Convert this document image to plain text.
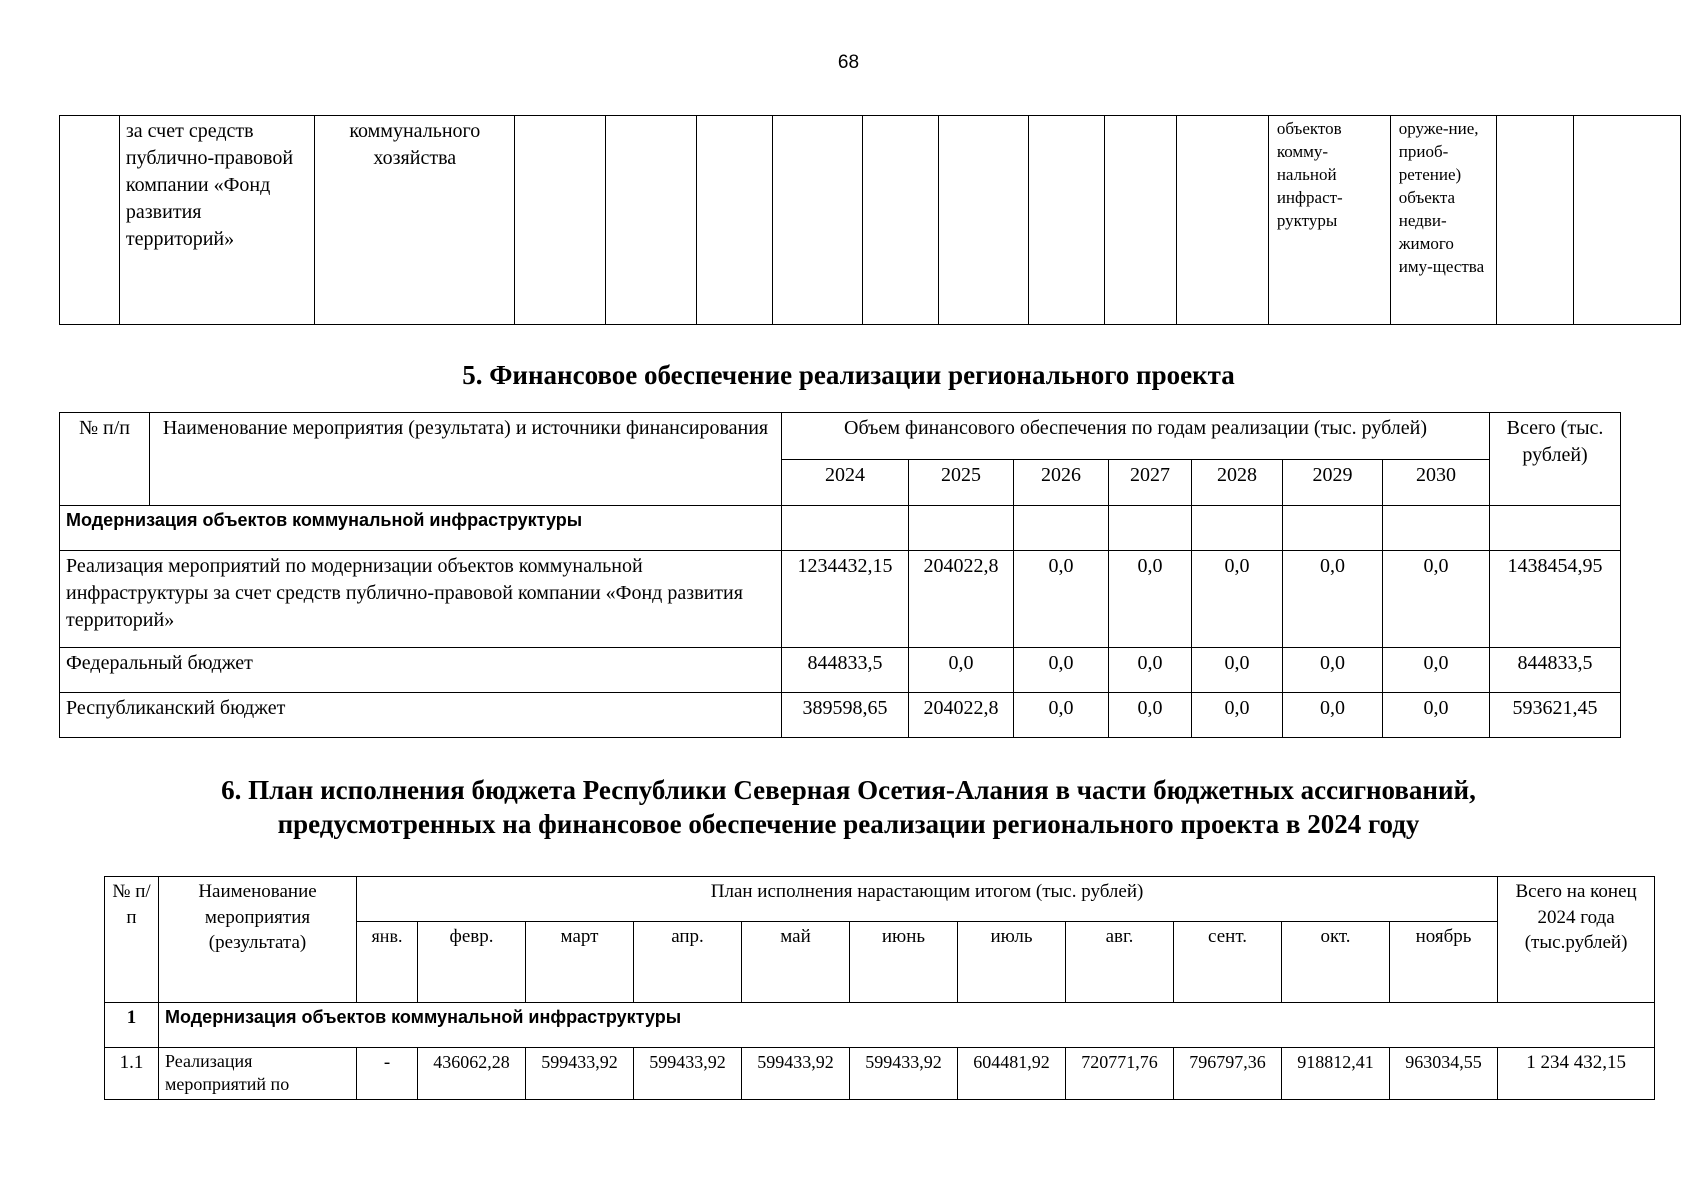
68
	за счет средств публично-правовой компании «Фонд развития территорий»	коммунального хозяйства										объектов комму-нальной инфраст-руктуры	оруже-ние, приоб-ретение) объекта недви-жимого иму-щества		
5. Финансовое обеспечение реализации регионального проекта
№ п/п	Наименование мероприятия (результата) и источники финансирования	Объем финансового обеспечения по годам реализации (тыс. рублей)							Всего (тыс. рублей)
		2024	2025	2026	2027	2028	2029	2030	
Модернизация объектов коммунальной инфраструктуры									
Реализация мероприятий по модернизации объектов коммунальной инфраструктуры за счет средств публично-правовой компании «Фонд развития территорий»		1234432,15	204022,8	0,0	0,0	0,0	0,0	0,0	1438454,95
Федеральный бюджет		844833,5	0,0	0,0	0,0	0,0	0,0	0,0	844833,5
Республиканский бюджет		389598,65	204022,8	0,0	0,0	0,0	0,0	0,0	593621,45
6. План исполнения бюджета Республики Северная Осетия-Алания в части бюджетных ассигнований,
предусмотренных на финансовое обеспечение реализации регионального проекта в 2024 году
№ п/п	Наименование мероприятия (результата)	План исполнения нарастающим итогом (тыс. рублей)											Всего на конец 2024 года (тыс.рублей)
		янв.	февр.	март	апр.	май	июнь	июль	авг.	сент.	окт.	ноябрь	
1	Модернизация объектов коммунальной инфраструктуры												
1.1	Реализация мероприятий по	-	436062,28	599433,92	599433,92	599433,92	599433,92	604481,92	720771,76	796797,36	918812,41	963034,55	1 234 432,15
